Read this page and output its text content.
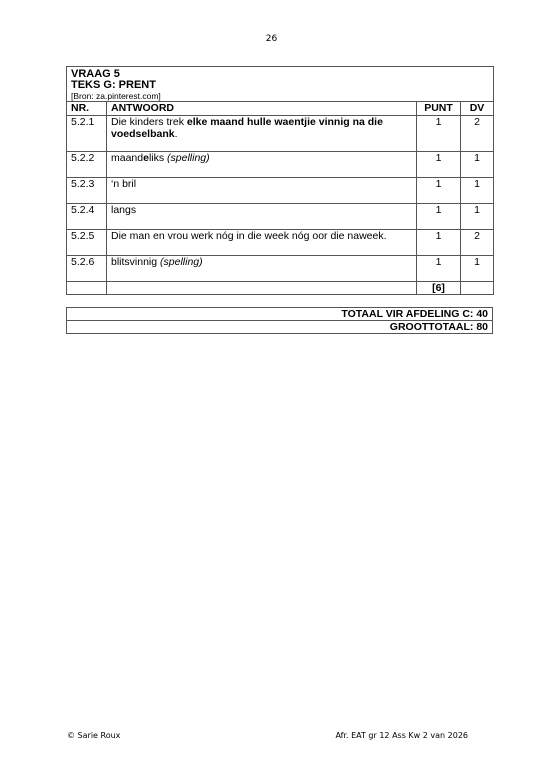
26
VRAAG 5
TEKS G: PRENT
[Bron: za.pinterest.com]			

NR.	ANTWOORD	PUNT	DV
5.2.1	Die kinders trek elke maand hulle waentjie vinnig na die voedselbank.	1	2
5.2.2	maandeliks (spelling)	1	1
5.2.3	‘n bril	1	1
5.2.4	langs	1	1
5.2.5	Die man en vrou werk nóg in die week nóg oor die naweek.	1	2
5.2.6	blitsvinnig (spelling)	1	1
		[6]	
TOTAAL VIR AFDELING C: 40
GROOTTOTAAL: 80
© Sarie Roux	Afr. EAT gr 12 Ass Kw 2 van 2026
